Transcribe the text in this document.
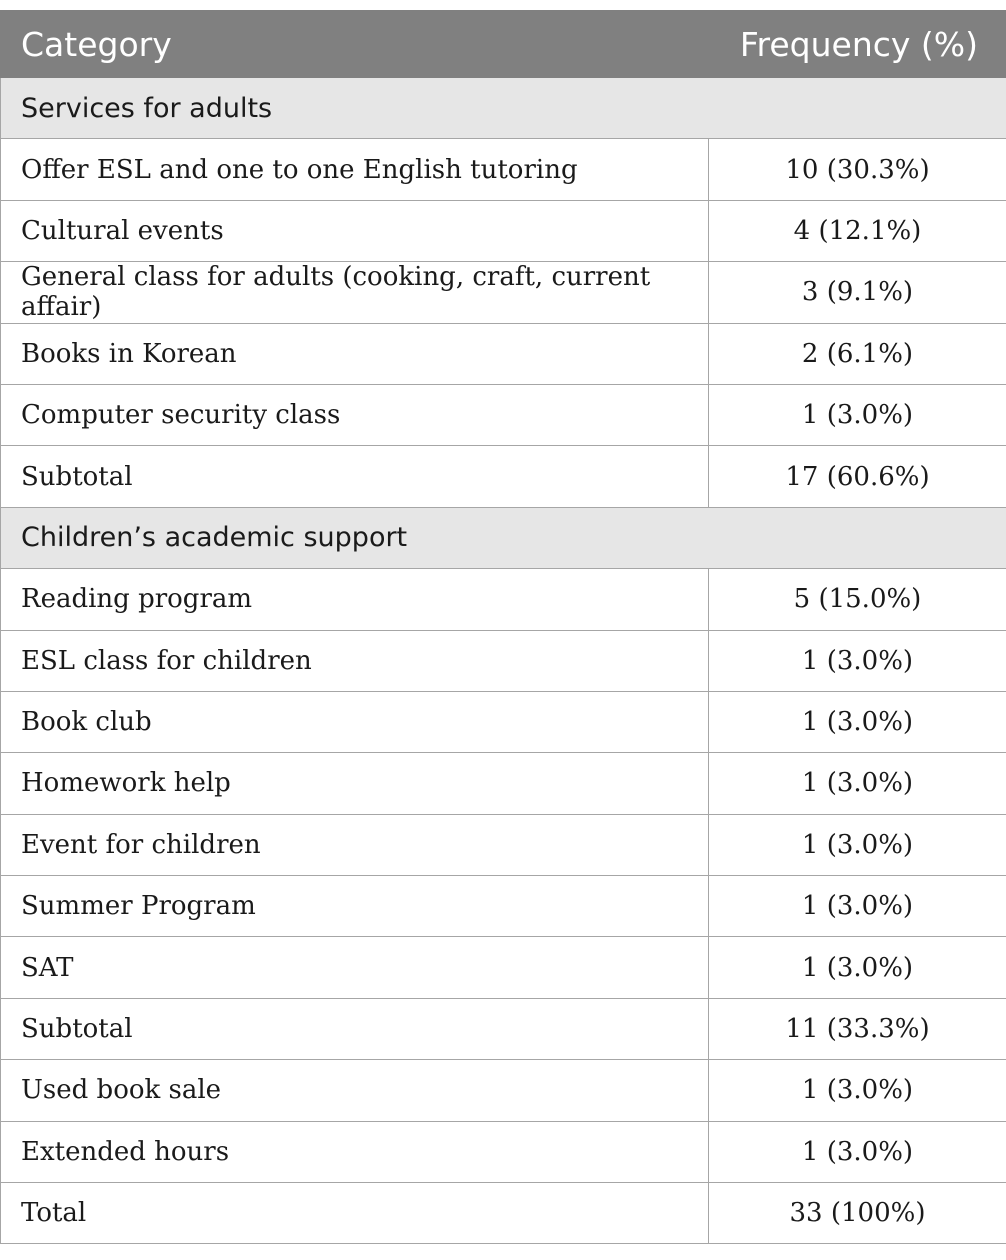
Category	Frequency (%)
Services for adults	
Offer ESL and one to one English tutoring	10 (30.3%)
Cultural events	4 (12.1%)
General class for adults (cooking, craft, current affair)	3 (9.1%)
Books in Korean	2 (6.1%)
Computer security class	1 (3.0%)
Subtotal	17 (60.6%)
Children’s academic support	
Reading program	5 (15.0%)
ESL class for children	1 (3.0%)
Book club	1 (3.0%)
Homework help	1 (3.0%)
Event for children	1 (3.0%)
Summer Program	1 (3.0%)
SAT	1 (3.0%)
Subtotal	11 (33.3%)
Used book sale	1 (3.0%)
Extended hours	1 (3.0%)
Total	33 (100%)
